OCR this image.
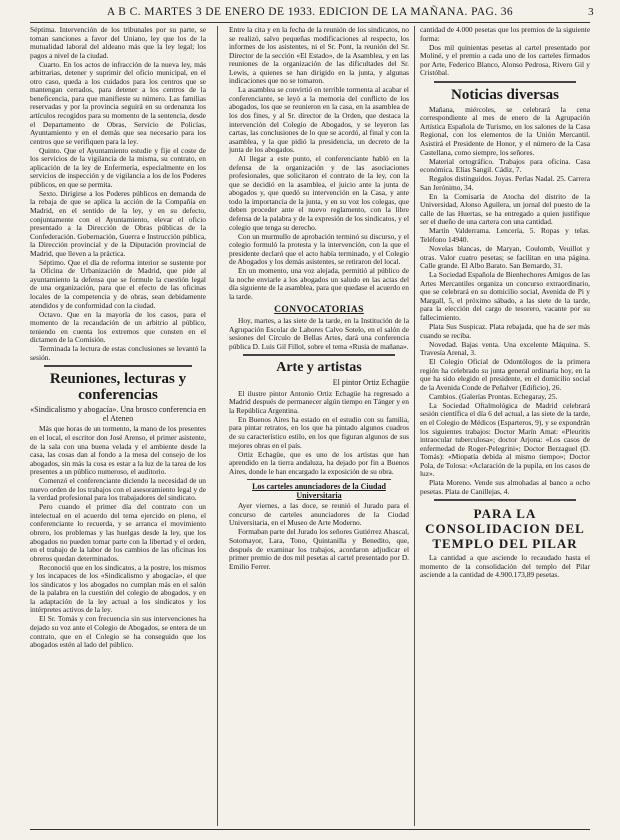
A B C. MARTES 3 DE ENERO DE 1933. EDICION DE LA MAÑANA. PAG. 36	3

Séptima. Intervención de los tribunales por su parte, se toman sanciones a favor del Uniano, ley que los de la mutualidad laboral del aldeano más que la ley legal; los pagos a nivel de la ciudad.

Cuarto. En los actos de infracción de la nueva ley, más arbitrarias, detener y suprimir del oficio municipal, en el otro caso, queda a los cuidados para los centros que se mantengan cerrados, para detener a los centros de la beneficencia, para que manifieste su número. Las familias reservadas y por la provincia seguirá en su ordenanza los artículos recogidos para su momento de la sentencia, desde el Departamento de Obras, Servicio de Policías, Ayuntamiento y en el demás que sea necesario para los centros que se verifiquen para la ley.

Quinto. Que el Ayuntamiento estudie y fije el coste de los servicios de la vigilancia de la misma, su contrato, en aplicación de la ley de Enfermería, especialmente en los servicios de inspección y de vigilancia a los de los Poderes públicos, en que se permita.

Sexto. Dirigirse a los Poderes públicos en demanda de la rebaja de que se aplica la acción de la Compañía en Madrid, en el sentido de la ley, y en su defecto, conjuntamente con el Ayuntamiento, elevar el oficio presentado a la Dirección de Obras públicas de la Confederación. Gobernación, Guerra e Instrucción pública, la Dirección provincial y de la Diputación provincial de Madrid, que lleven a la práctica.

Séptimo. Que el día de reforma interior se sustente por la Oficina de Urbanización de Madrid, que pide al ayuntamiento la defensa que se formule la cuestión legal de una organización, para que el efecto de las oficinas locales de la competencia y de obras, sean debidamente atendidos y de conformidad con la ciudad.

Octavo. Que en la mayoría de los casos, para el momento de la recaudación de un arbitrio al público, teniendo en cuenta los extremos que consten en el dictamen de la Comisión.

Terminada la lectura de estas conclusiones se levantó la sesión.

Reuniones, lecturas y conferencias
«Sindicalismo y abogacía». Una brosco conferencia en el Ateneo

Más que horas de un tormento, la mano de los presentes en el local, el escritor don José Arenso, el primer asistente, de la sala con una buena velada y el ambiente desde la casa, las cosas dan al fondo a la mesa del consejo de los abogados, sin más la cosa es estar a la luz de la tarea de los presentes a un público numeroso, el auditorio.

Comenzó el conferenciante diciendo la necesidad de un nuevo orden de los trabajos con el asesoramiento legal y de la verdad profesional para los trabajadores del sindicato.

Pero cuando el primer día del contrato con un intelectual en el acuerdo del tema ejercido en pleno, el conferenciante lo recuerda, y se arranca el movimiento obrero, los problemas y las huelgas desde la ley, que los abogados no pueden tomar parte con la libertad y el orden, en el trabajo de la labor de los cambios de las oficinas los obreros quedan determinados.

Reconoció que en los sindicatos, a la postre, los mismos y los incapaces de los «Sindicalismo y abogacía», el que los sindicatos y los abogados no cumplan más en el salón de la palabra en la cuestión del colegio de abogados, y en la adaptación de la ley actual a los sindicatos y los intérpretes activos de la ley.

El Sr. Tomás y con frecuencia sin sus intervenciones ha dejado su voz ante el Colegio de Abogados, se entera de un contrato, que en el Colegio se ha conseguido que los abogados estén al lado del público.

Entre la cita y en la fecha de la reunión de los sindicatos, no se realizó, salvo pequeñas modificaciones al respecto, los informes de los asistentes, ni el Sr. Pont, la reunión del Sr. Director de la sección «El Estado», de la Asamblea, y en las reuniones de la organización de las dificultades del Sr. Lewis, a quienes se han dirigido en la junta, y algunas indicaciones que no se tomaron.

La asamblea se convirtió en terrible tormenta al acabar el conferenciante, se leyó a la memoria del conflicto de los abogados, los que se reunieron en la casa, en la asamblea de los dos fines, y al Sr. director de la Orden, que destaca la intervención del Colegio de Abogados, y se leyeron las cartas, las conclusiones de lo que se acordó, al final y con la asamblea, y la que pidió la presidencia, un decreto de la junta de los abogados.

Al llegar a este punto, el conferenciante habló en la defensa de la organización y de las asociaciones profesionales, que solicitaron el contrato de la ley, con la que se decidió en la asamblea, el juicio ante la junta de abogados y, que quedó su intervención en la Casa, y ante todo la importancia de la junta, y en su voz los colegas, que deben proceder ante el nuevo reglamento, con la libre defensa de la palabra y de la expresión de los sindicatos, y el colegio que tenga su derecho.

Con un murmullo de aprobación terminó su discurso, y el colegio formuló la protesta y la intervención, con la que el presidente declaró que el acto había terminado, y el Colegio de Abogados y los demás asistentes, se retiraron del local.

En un momento, una voz alejada, permitió al público de la noche enviarle a los abogados un saludo en las actas del día siguiente de la asamblea, para que quedase el acuerdo en la tarde.

CONVOCATORIAS

Hoy, martes, a las siete de la tarde, en la Institución de la Agrupación Escolar de Labores Calvo Sotelo, en el salón de sesiones del Círculo de Bellas Artes, dará una conferencia pública D. Luis Gil Fillol, sobre el tema «Rusia de mañana».

Arte y artistas
El pintor Ortiz Echagüe

El ilustre pintor Antonio Ortiz Echagüe ha regresado a Madrid después de permanecer algún tiempo en Tánger y en la República Argentina.

En Buenos Aires ha estado en el estudio con su familia, para pintar retratos, en los que ha pintado algunos cuadros de su característico estilo, en los que figuran algunos de sus mejores obras en el país.

Ortiz Echagüe, que es uno de los artistas que han aprendido en la tierra andaluza, ha dejado por fin a Buenos Aires, donde le han encargado la exposición de su obra.

Los carteles anunciadores de la Ciudad Universitaria

Ayer viernes, a las doce, se reunió el Jurado para el concurso de carteles anunciadores de la Ciudad Universitaria, en el Museo de Arte Moderno.

Formaban parte del Jurado los señores Gutiérrez Abascal, Sotomayor, Lara, Tono, Quintanilla y Benedito, que, después de examinar los trabajos, acordaron adjudicar el primer premio de dos mil pesetas al cartel presentado por D. Emilio Ferrer.

cantidad de 4.000 pesetas que los premios de la siguiente forma:

Dos mil quinientas pesetas al cartel presentado por Moliné, y el premio a cada uno de los carteles firmados por Arte, Federico Blanco, Alonso Pedrosa, Rivero Gil y Cristóbal.

Noticias diversas

Mañana, miércoles, se celebrará la cena correspondiente al mes de enero de la Agrupación Artística Española de Turismo, en los salones de la Casa Regional, con los elementos de la Unión Mercantil. Asistirá el Presidente de Honor, y el número de la Casa Castellana, como siempre, los señores.

Material ortográfico. Trabajos para oficina. Casa económica. Elías Sangil. Cádiz, 7.

Regalos distinguidos. Joyas. Perlas Nadal. 25. Carrera San Jerónimo, 34.

En la Comisaría de Atocha del distrito de la Universidad, Alonso Aguilera, un jornal del puesto de la calle de las Huertas, se ha entregado a quien justifique ser el dueño de una cartera con una cantidad.

Martín Valderrama. Lencería, 5. Ropas y telas. Teléfono 14940.

Novelas blancas, de Maryan, Coulomb, Veuillot y otras. Valor cuatro pesetas; se facilitan en una página. Calle grande. El Albo Barato. San Bernardo, 31.

La Sociedad Española de Bienhechores Amigos de las Artes Mercantiles organiza un concurso extraordinario, que se celebrará en su domicilio social, Avenida de Pi y Margall, 5, el próximo sábado, a las siete de la tarde, para la elección del cargo de tesorero, vacante por su fallecimiento.

Plata Sus Suspicaz. Plata rebajada, que ha de ser más cuando se reciba.

Novedad. Bajas venta. Una excelente Máquina. S. Travesía Arenal, 3.

El Colegio Oficial de Odontólogos de la primera región ha celebrado su junta general ordinaria hoy, en la que ha sido elegido el presidente, en el domicilio social de la Avenida Conde de Peñalver (Edificio), 26.

Cambios. (Galerías Prontas. Echegaray, 25.

La Sociedad Oftalmológica de Madrid celebrará sesión científica el día 6 del actual, a las siete de la tarde, en el Colegio de Médicos (Esparteros, 9), y se expondrán los siguientes trabajos: Doctor Marín Amat: «Pleuritis intraocular tuberculosa»; doctor Arjona: «Los casos de enfermedad de Roger-Pelegrini»; Doctor Berzaguel (D. Tomás): «Miopatía debida al mismo tiempo»; Doctor Pola, de Tolosa: «Aclaración de la pupila, en los casos de luz».

Plata Moreno. Vende sus almohadas al banco a ocho pesetas. Plata de Canillejas, 4.

PARA LA CONSOLIDACION DEL TEMPLO DEL PILAR

La cantidad a que asciende lo recaudado hasta el momento de la consolidación del templo del Pilar asciende a la cantidad de 4.900.173,89 pesetas.
